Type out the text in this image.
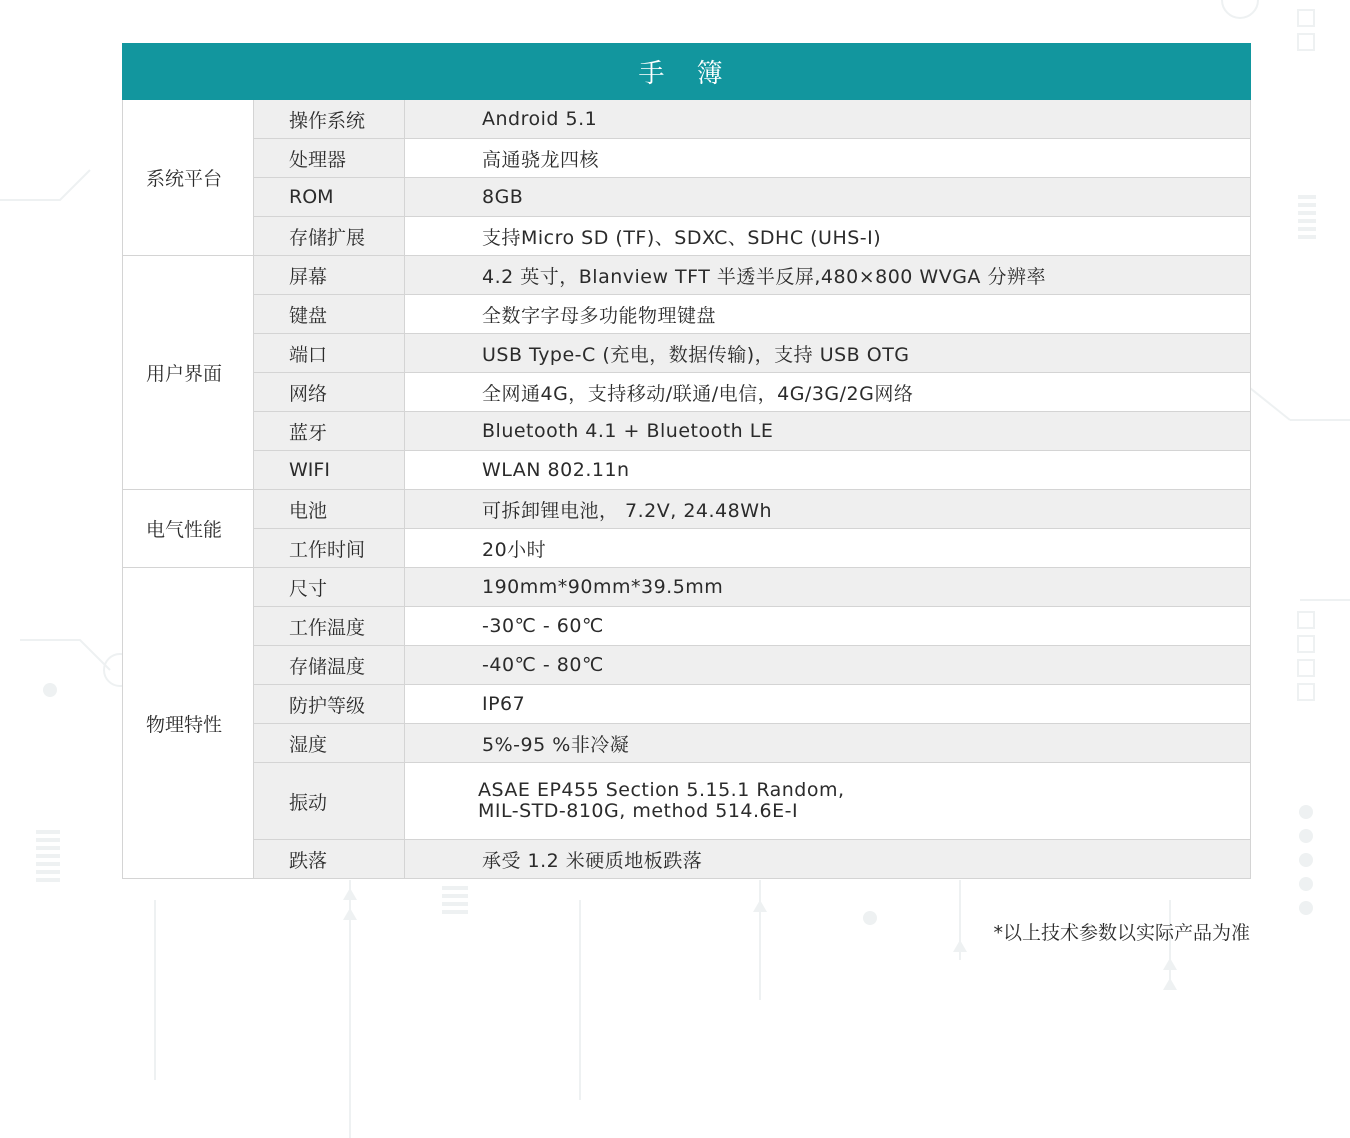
手 簿		
系统平台	操作系统	Android 5.1
	处理器	高通骁龙四核
	ROM	8GB
	存储扩展	支持Micro SD (TF)、SDXC、SDHC (UHS-I)
用户界面	屏幕	4.2 英寸，Blanview TFT 半透半反屏,480×800 WVGA 分辨率
	键盘	全数字字母多功能物理键盘
	端口	USB Type-C (充电，数据传输)，支持 USB OTG
	网络	全网通4G，支持移动/联通/电信，4G/3G/2G网络
	蓝牙	Bluetooth 4.1 + Bluetooth LE
	WIFI	WLAN 802.11n
电气性能	电池	可拆卸锂电池， 7.2V, 24.48Wh
	工作时间	20小时
物理特性	尺寸	190mm*90mm*39.5mm
	工作温度	-30℃ - 60℃
	存储温度	-40℃ - 80℃
	防护等级	IP67
	湿度	5%-95 %非冷凝
	振动	ASAE EP455 Section 5.15.1 Random,
MIL-STD-810G, method 514.6E-I

	跌落	承受 1.2 米硬质地板跌落
*以上技术参数以实际产品为准
